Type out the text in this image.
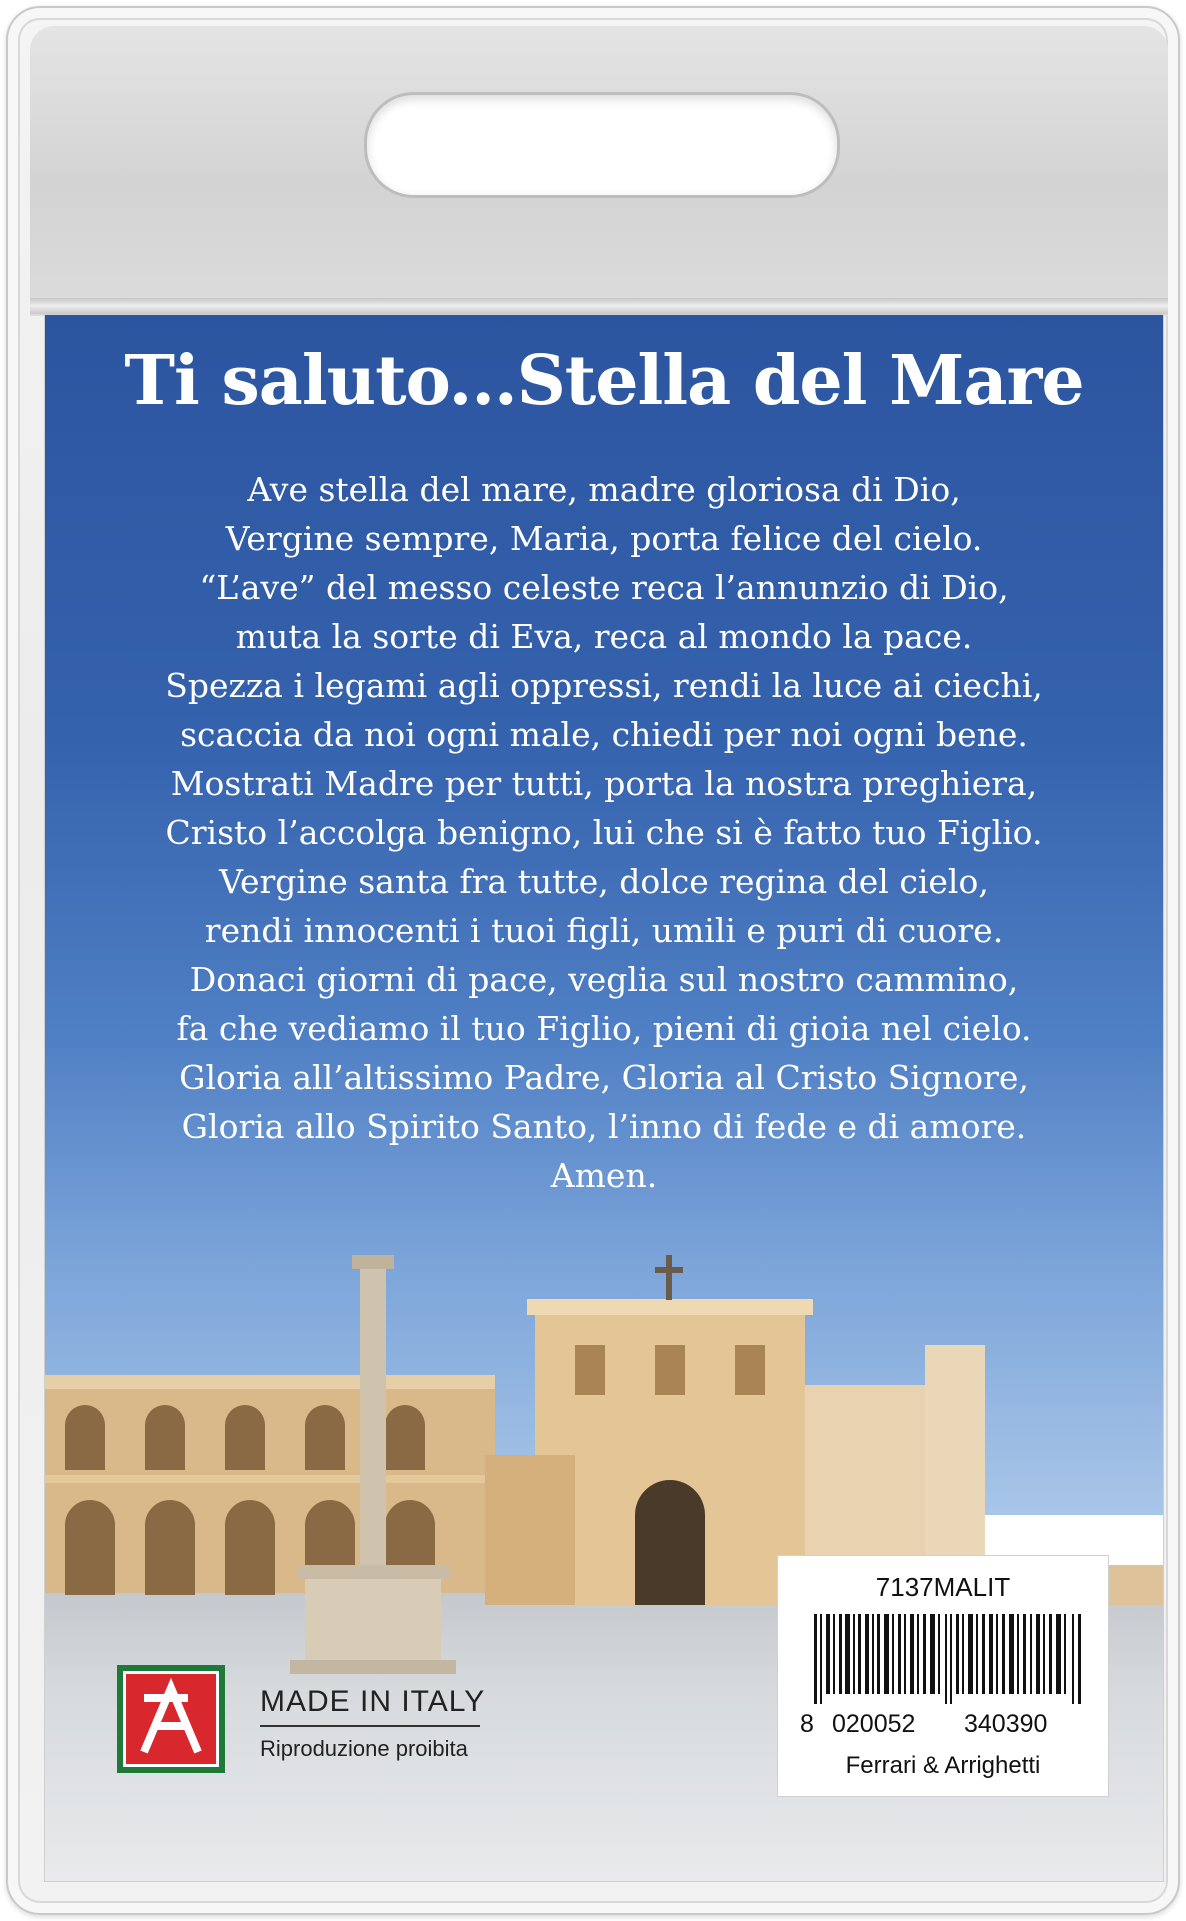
Ti saluto...Stella del Mare
Ave stella del mare, madre gloriosa di Dio,
Vergine sempre, Maria, porta felice del cielo.
“L’ave” del messo celeste reca l’annunzio di Dio,
muta la sorte di Eva, reca al mondo la pace.
Spezza i legami agli oppressi, rendi la luce ai ciechi,
scaccia da noi ogni male, chiedi per noi ogni bene.
Mostrati Madre per tutti, porta la nostra preghiera,
Cristo l’accolga benigno, lui che si è fatto tuo Figlio.
Vergine santa fra tutte, dolce regina del cielo,
rendi innocenti i tuoi figli, umili e puri di cuore.
Donaci giorni di pace, veglia sul nostro cammino,
fa che vediamo il tuo Figlio, pieni di gioia nel cielo.
Gloria all’altissimo Padre, Gloria al Cristo Signore,
Gloria allo Spirito Santo, l’inno di fede e di amore.
Amen.
MADE IN ITALY
Riproduzione proibita
7137MALIT
8 020052 340390
Ferrari & Arrighetti
